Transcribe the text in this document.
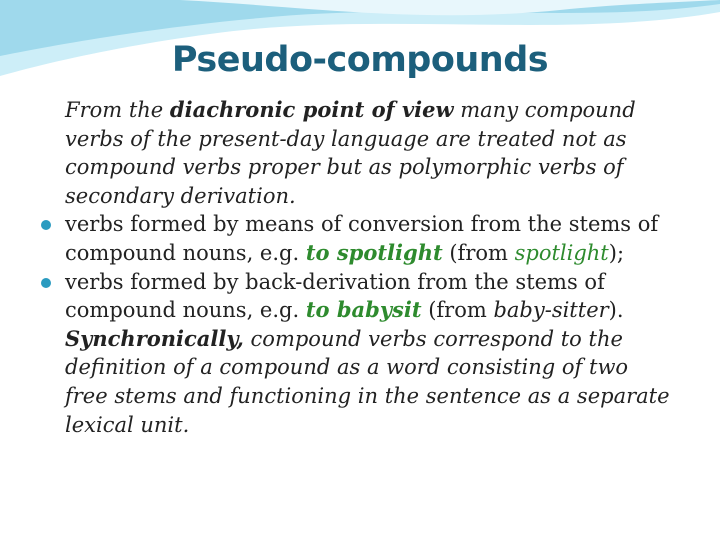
Pseudo-compounds

From the diachronic point of view many compound verbs of the present-day language are treated not as compound verbs proper but as polymorphic verbs of secondary derivation.

verbs formed by means of conversion from the stems of compound nouns, e.g. to spotlight (from spotlight);

verbs formed by back-derivation from the stems of compound nouns, e.g. to babysit (from baby-sitter).

Synchronically, compound verbs correspond to the definition of a compound as a word consisting of two free stems and functioning in the sentence as a separate lexical unit.
